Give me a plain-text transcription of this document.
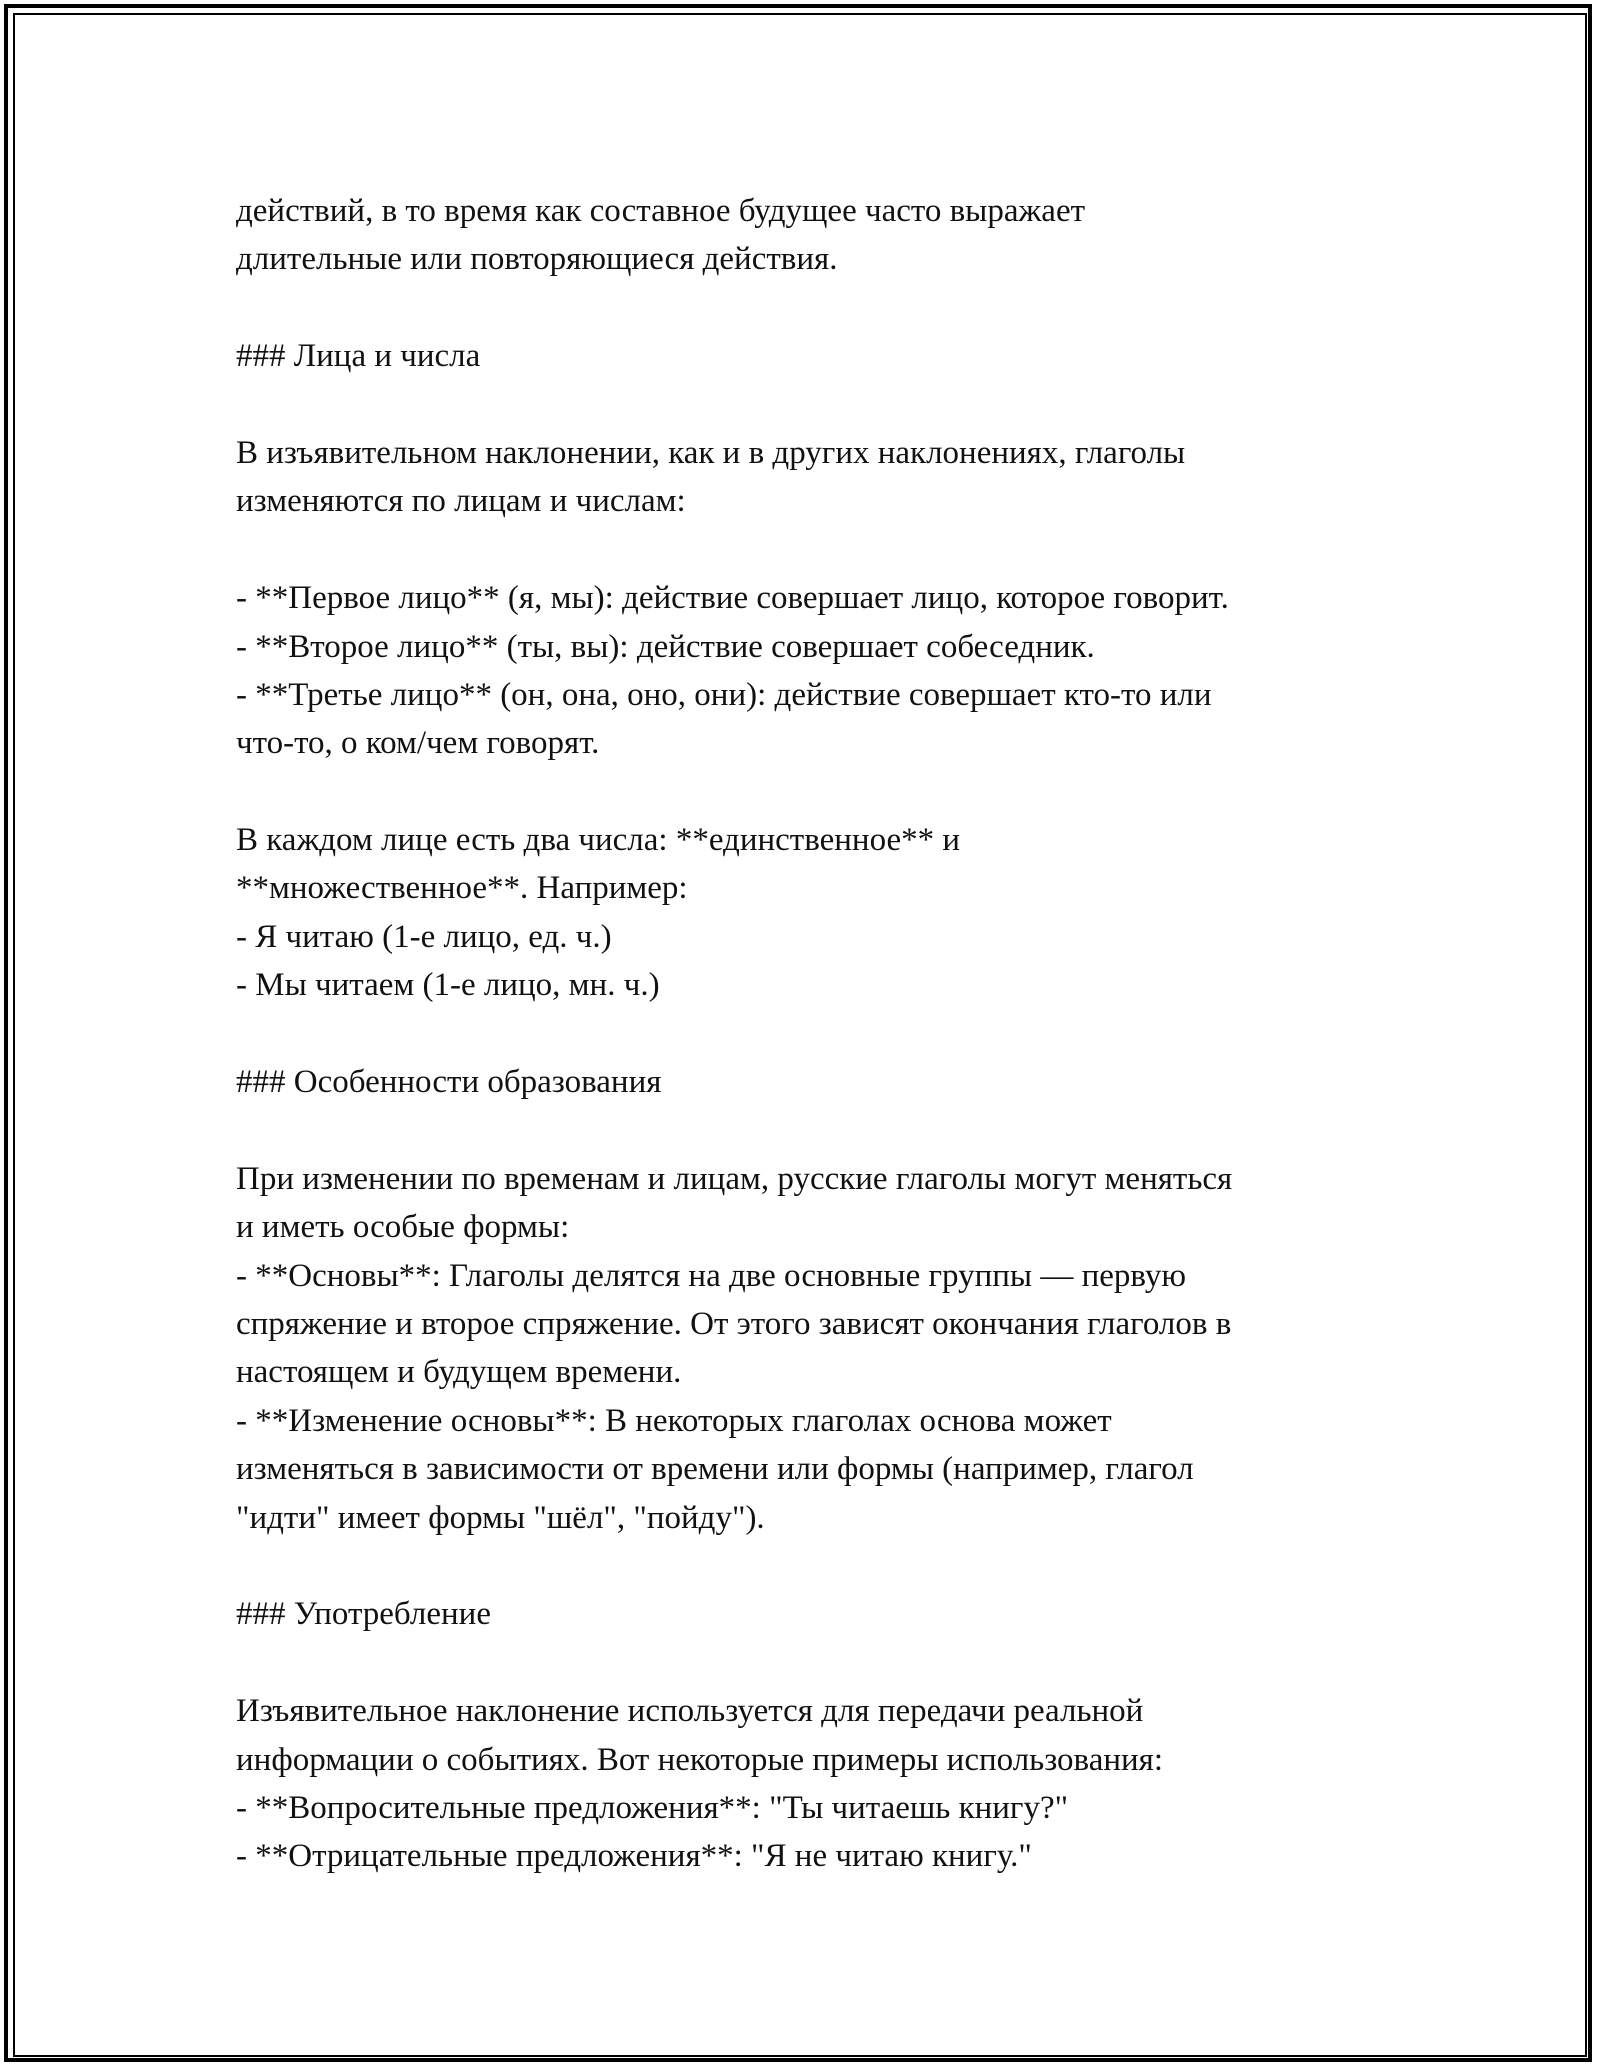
действий, в то время как составное будущее часто выражает
длительные или повторяющиеся действия.
### Лица и числа
В изъявительном наклонении, как и в других наклонениях, глаголы
изменяются по лицам и числам:
- **Первое лицо** (я, мы): действие совершает лицо, которое говорит.
- **Второе лицо** (ты, вы): действие совершает собеседник.
- **Третье лицо** (он, она, оно, они): действие совершает кто-то или
что-то, о ком/чем говорят.
В каждом лице есть два числа: **единственное** и
**множественное**. Например:
- Я читаю (1-е лицо, ед. ч.)
- Мы читаем (1-е лицо, мн. ч.)
### Особенности образования
При изменении по временам и лицам, русские глаголы могут меняться
и иметь особые формы:
- **Основы**: Глаголы делятся на две основные группы — первую
спряжение и второе спряжение. От этого зависят окончания глаголов в
настоящем и будущем времени.
- **Изменение основы**: В некоторых глаголах основа может
изменяться в зависимости от времени или формы (например, глагол
"идти" имеет формы "шёл", "пойду").
### Употребление
Изъявительное наклонение используется для передачи реальной
информации о событиях. Вот некоторые примеры использования:
- **Вопросительные предложения**: "Ты читаешь книгу?"
- **Отрицательные предложения**: "Я не читаю книгу."
